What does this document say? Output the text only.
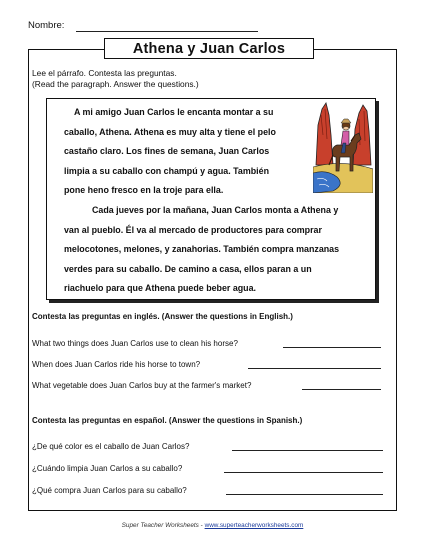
Nombre:
Athena y Juan Carlos
Lee el párrafo. Contesta las preguntas.
(Read the paragraph. Answer the questions.)
A mi amigo Juan Carlos le encanta montar a su
caballo, Athena. Athena es muy alta y tiene el pelo
castaño claro. Los fines de semana, Juan Carlos
limpia a su caballo con champú y agua. También
pone heno fresco en la troje para ella.
Cada jueves por la mañana, Juan Carlos monta a Athena y
van al pueblo. Él va al mercado de productores para comprar
melocotones, melones, y zanahorias. También compra manzanas
verdes para su caballo. De camino a casa, ellos paran a un
riachuelo para que Athena puede beber agua.
Contesta las preguntas en inglés. (Answer the questions in English.)
What two things does Juan Carlos use to clean his horse?
When does Juan Carlos ride his horse to town?
What vegetable does Juan Carlos buy at the farmer's market?
Contesta las preguntas en español. (Answer the questions in Spanish.)
¿De qué color es el caballo de Juan Carlos?
¿Cuándo limpia Juan Carlos a su caballo?
¿Qué compra Juan Carlos para su caballo?
Super Teacher Worksheets - www.superteacherworksheets.com
